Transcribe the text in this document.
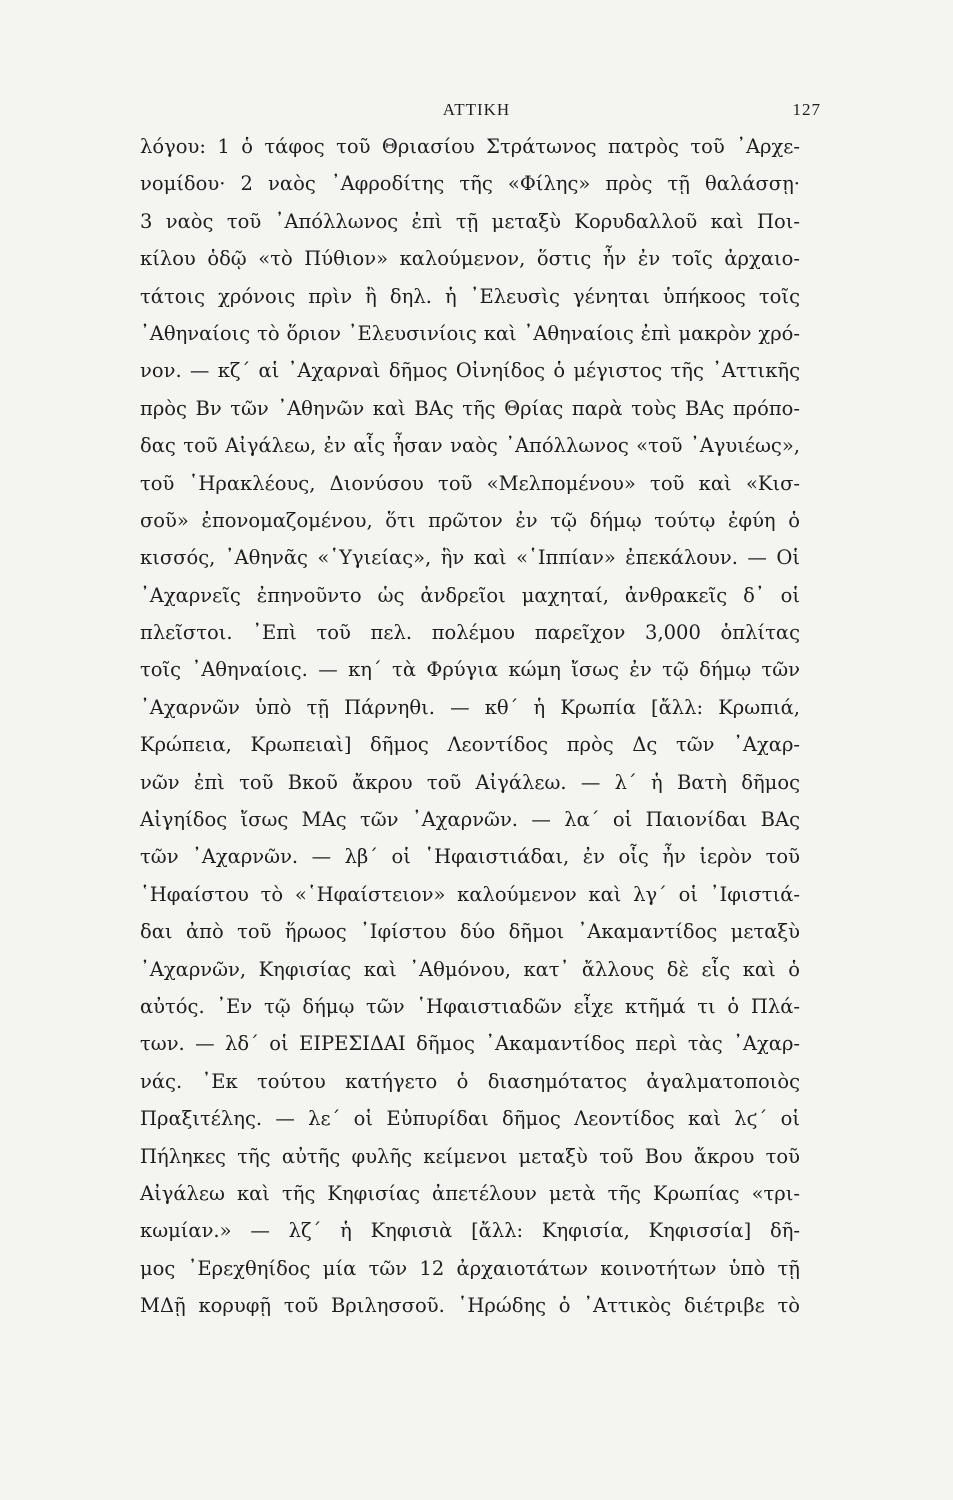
ΑΤΤΙΚΗ	127
λόγου: 1 ὁ τάφος τοῦ Θριασίου Στράτωνος πατρὸς τοῦ ᾿Αρχε-
νομίδου· 2 ναὸς ᾿Αφροδίτης τῆς «Φίλης» πρὸς τῇ θαλάσσῃ·
3 ναὸς τοῦ ᾿Απόλλωνος ἐπὶ τῇ μεταξὺ Κορυδαλλοῦ καὶ Ποι-
κίλου ὁδῷ «τὸ Πύθιον» καλούμενον, ὅστις ἦν ἐν τοῖς ἀρχαιο-
τάτοις χρόνοις πρὶν ἢ δηλ. ἡ ᾿Ελευσὶς γένηται ὑπήκοος τοῖς
᾿Αθηναίοις τὸ ὅριον ᾿Ελευσινίοις καὶ ᾿Αθηναίοις ἐπὶ μακρὸν χρό-
νον. — κζ´ αἱ ᾿Αχαρναὶ δῆμος Οἰνηίδος ὁ μέγιστος τῆς ᾿Αττικῆς
πρὸς Βν τῶν ᾿Αθηνῶν καὶ ΒΑς τῆς Θρίας παρὰ τοὺς ΒΑς πρόπο-
δας τοῦ Αἰγάλεω, ἐν αἷς ἦσαν ναὸς ᾿Απόλλωνος «τοῦ ᾿Αγυιέως»,
τοῦ ῾Ηρακλέους, Διονύσου τοῦ «Μελπομένου» τοῦ καὶ «Κισ-
σοῦ» ἐπονομαζομένου, ὅτι πρῶτον ἐν τῷ δήμῳ τούτῳ ἐφύη ὁ
κισσός, ᾿Αθηνᾶς «῾Υγιείας», ἣν καὶ «῾Ιππίαν» ἐπεκάλουν. — Οἱ
᾿Αχαρνεῖς ἐπηνοῦντο ὡς ἀνδρεῖοι μαχηταί, ἀνθρακεῖς δ᾿ οἱ
πλεῖστοι. ᾿Επὶ τοῦ πελ. πολέμου παρεῖχον 3,000 ὁπλίτας
τοῖς ᾿Αθηναίοις. — κη´ τὰ Φρύγια κώμη ἴσως ἐν τῷ δήμῳ τῶν
᾿Αχαρνῶν ὑπὸ τῇ Πάρνηθι. — κθ´ ἡ Κρωπία [ἄλλ: Κρωπιά,
Κρώπεια, Κρωπειαὶ] δῆμος Λεοντίδος πρὸς Δς τῶν ᾿Αχαρ-
νῶν ἐπὶ τοῦ Βκοῦ ἄκρου τοῦ Αἰγάλεω. — λ´ ἡ Βατὴ δῆμος
Αἰγηίδος ἴσως ΜΑς τῶν ᾿Αχαρνῶν. — λα´ οἱ Παιονίδαι ΒΑς
τῶν ᾿Αχαρνῶν. — λβ´ οἱ ῾Ηφαιστιάδαι, ἐν οἷς ἦν ἱερὸν τοῦ
῾Ηφαίστου τὸ «῾Ηφαίστειον» καλούμενον καὶ λγ´ οἱ ᾿Ιφιστιά-
δαι ἀπὸ τοῦ ἥρωος ᾿Ιφίστου δύο δῆμοι ᾿Ακαμαντίδος μεταξὺ
᾿Αχαρνῶν, Κηφισίας καὶ ᾿Αθμόνου, κατ᾿ ἄλλους δὲ εἷς καὶ ὁ
αὐτός. ᾿Εν τῷ δήμῳ τῶν ῾Ηφαιστιαδῶν εἶχε κτῆμά τι ὁ Πλά-
των. — λδ´ οἱ ΕΙΡΕΣΙΔΑΙ δῆμος ᾿Ακαμαντίδος περὶ τὰς ᾿Αχαρ-
νάς. ᾿Εκ τούτου κατήγετο ὁ διασημότατος ἀγαλματοποιὸς
Πραξιτέλης. — λε´ οἱ Εὐπυρίδαι δῆμος Λεοντίδος καὶ λϛ´ οἱ
Πήληκες τῆς αὐτῆς φυλῆς κείμενοι μεταξὺ τοῦ Βου ἄκρου τοῦ
Αἰγάλεω καὶ τῆς Κηφισίας ἀπετέλουν μετὰ τῆς Κρωπίας «τρι-
κωμίαν.» — λζ´ ἡ Κηφισιὰ [ἄλλ: Κηφισία, Κηφισσία] δῆ-
μος ᾿Ερεχθηίδος μία τῶν 12 ἀρχαιοτάτων κοινοτήτων ὑπὸ τῇ
ΜΔῇ κορυφῇ τοῦ Βριλησσοῦ. ῾Ηρώδης ὁ ᾿Αττικὸς διέτριβε τὸ
